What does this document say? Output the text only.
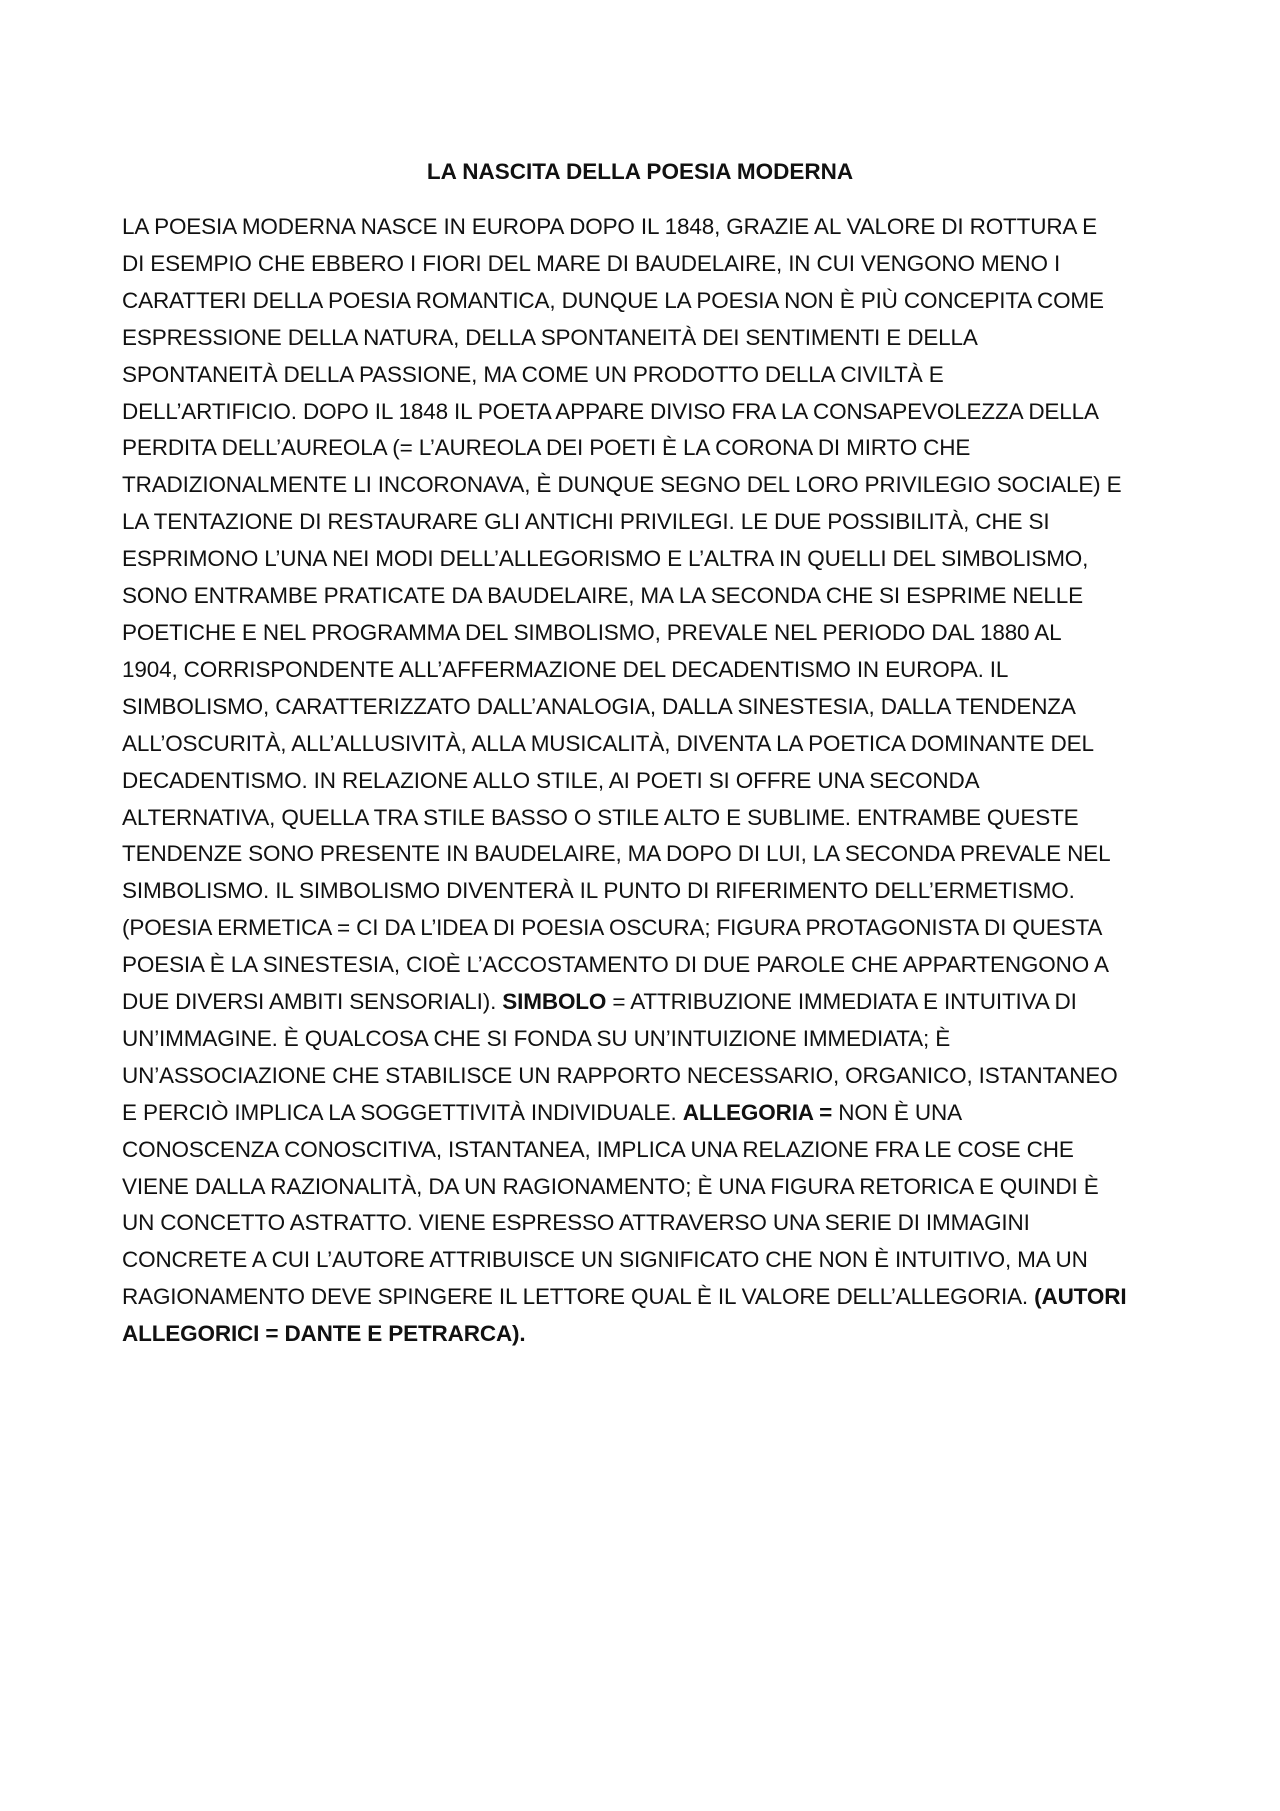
LA NASCITA DELLA POESIA MODERNA
LA POESIA MODERNA NASCE IN EUROPA DOPO IL 1848, GRAZIE AL VALORE DI ROTTURA E
DI ESEMPIO CHE EBBERO I FIORI DEL MARE DI BAUDELAIRE, IN CUI VENGONO MENO I
CARATTERI DELLA POESIA ROMANTICA, DUNQUE LA POESIA NON È PIÙ CONCEPITA COME
ESPRESSIONE DELLA NATURA, DELLA SPONTANEITÀ DEI SENTIMENTI E DELLA
SPONTANEITÀ DELLA PASSIONE, MA COME UN PRODOTTO DELLA CIVILTÀ E
DELL’ARTIFICIO. DOPO IL 1848 IL POETA APPARE DIVISO FRA LA CONSAPEVOLEZZA DELLA
PERDITA DELL’AUREOLA (= L’AUREOLA DEI POETI È LA CORONA DI MIRTO CHE
TRADIZIONALMENTE LI INCORONAVA, È DUNQUE SEGNO DEL LORO PRIVILEGIO SOCIALE) E
LA TENTAZIONE DI RESTAURARE GLI ANTICHI PRIVILEGI. LE DUE POSSIBILITÀ, CHE SI
ESPRIMONO L’UNA NEI MODI DELL’ALLEGORISMO E L’ALTRA IN QUELLI DEL SIMBOLISMO,
SONO ENTRAMBE PRATICATE DA BAUDELAIRE, MA LA SECONDA CHE SI ESPRIME NELLE
POETICHE E NEL PROGRAMMA DEL SIMBOLISMO, PREVALE NEL PERIODO DAL 1880 AL
1904, CORRISPONDENTE ALL’AFFERMAZIONE DEL DECADENTISMO IN EUROPA. IL
SIMBOLISMO, CARATTERIZZATO DALL’ANALOGIA, DALLA SINESTESIA, DALLA TENDENZA
ALL’OSCURITÀ, ALL’ALLUSIVITÀ, ALLA MUSICALITÀ, DIVENTA LA POETICA DOMINANTE DEL
DECADENTISMO. IN RELAZIONE ALLO STILE, AI POETI SI OFFRE UNA SECONDA
ALTERNATIVA, QUELLA TRA STILE BASSO O STILE ALTO E SUBLIME. ENTRAMBE QUESTE
TENDENZE SONO PRESENTE IN BAUDELAIRE, MA DOPO DI LUI, LA SECONDA PREVALE NEL
SIMBOLISMO. IL SIMBOLISMO DIVENTERÀ IL PUNTO DI RIFERIMENTO DELL’ERMETISMO.
(POESIA ERMETICA = CI DA L’IDEA DI POESIA OSCURA; FIGURA PROTAGONISTA DI QUESTA
POESIA È LA SINESTESIA, CIOÈ L’ACCOSTAMENTO DI DUE PAROLE CHE APPARTENGONO A
DUE DIVERSI AMBITI SENSORIALI). SIMBOLO = ATTRIBUZIONE IMMEDIATA E INTUITIVA DI
UN’IMMAGINE. È QUALCOSA CHE SI FONDA SU UN’INTUIZIONE IMMEDIATA; È
UN’ASSOCIAZIONE CHE STABILISCE UN RAPPORTO NECESSARIO, ORGANICO, ISTANTANEO
E PERCIÒ IMPLICA LA SOGGETTIVITÀ INDIVIDUALE. ALLEGORIA = NON È UNA
CONOSCENZA CONOSCITIVA, ISTANTANEA, IMPLICA UNA RELAZIONE FRA LE COSE CHE
VIENE DALLA RAZIONALITÀ, DA UN RAGIONAMENTO; È UNA FIGURA RETORICA E QUINDI È
UN CONCETTO ASTRATTO. VIENE ESPRESSO ATTRAVERSO UNA SERIE DI IMMAGINI
CONCRETE A CUI L’AUTORE ATTRIBUISCE UN SIGNIFICATO CHE NON È INTUITIVO, MA UN
RAGIONAMENTO DEVE SPINGERE IL LETTORE QUAL È IL VALORE DELL’ALLEGORIA. (AUTORI
ALLEGORICI = DANTE E PETRARCA).
